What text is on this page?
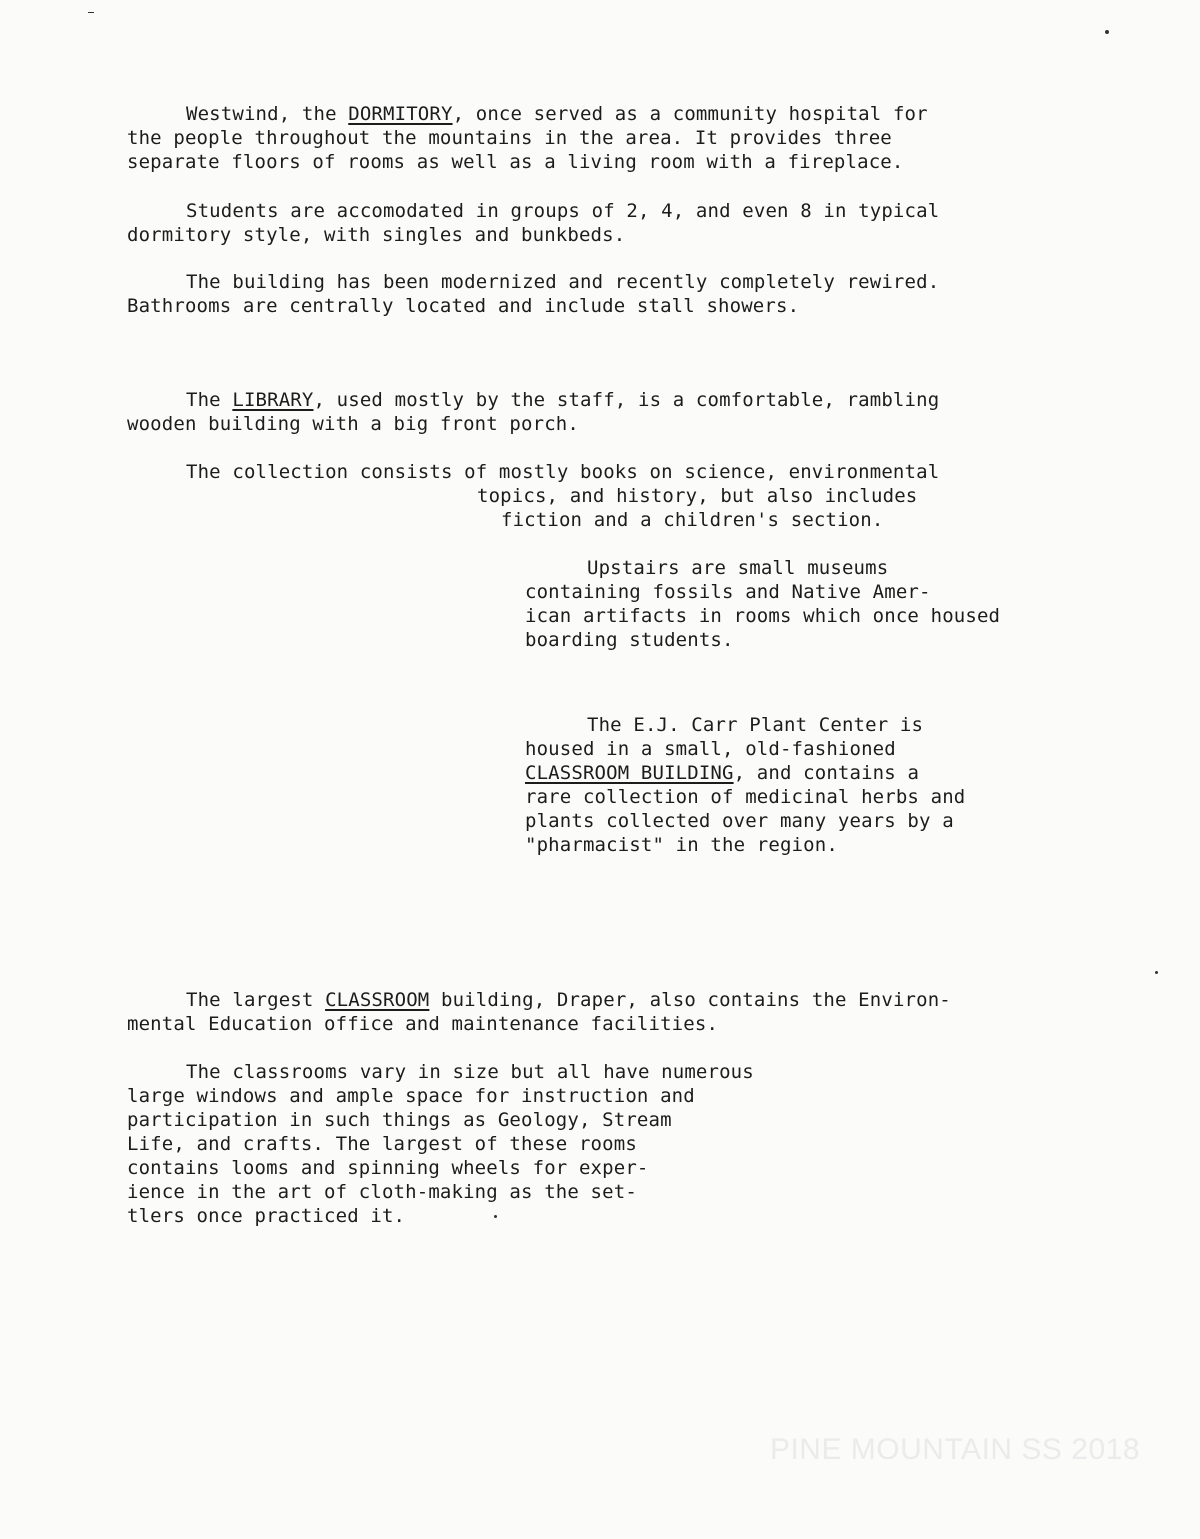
Westwind, the DORMITORY, once served as a community hospital for
the people throughout the mountains in the area. It provides three
separate floors of rooms as well as a living room with a fireplace.
Students are accomodated in groups of 2, 4, and even 8 in typical
dormitory style, with singles and bunkbeds.
The building has been modernized and recently completely rewired.
Bathrooms are centrally located and include stall showers.
The LIBRARY, used mostly by the staff, is a comfortable, rambling
wooden building with a big front porch.
The collection consists of mostly books on science, environmental
topics, and history, but also includes
fiction and a children's section.
Upstairs are small museums
containing fossils and Native Amer-
ican artifacts in rooms which once housed
boarding students.
The E.J. Carr Plant Center is
housed in a small, old-fashioned
CLASSROOM BUILDING, and contains a
rare collection of medicinal herbs and
plants collected over many years by a
"pharmacist" in the region.
The largest CLASSROOM building, Draper, also contains the Environ-
mental Education office and maintenance facilities.
The classrooms vary in size but all have numerous
large windows and ample space for instruction and
participation in such things as Geology, Stream
Life, and crafts. The largest of these rooms
contains looms and spinning wheels for exper-
ience in the art of cloth-making as the set-
tlers once practiced it.
PINE MOUNTAIN SS 2018
